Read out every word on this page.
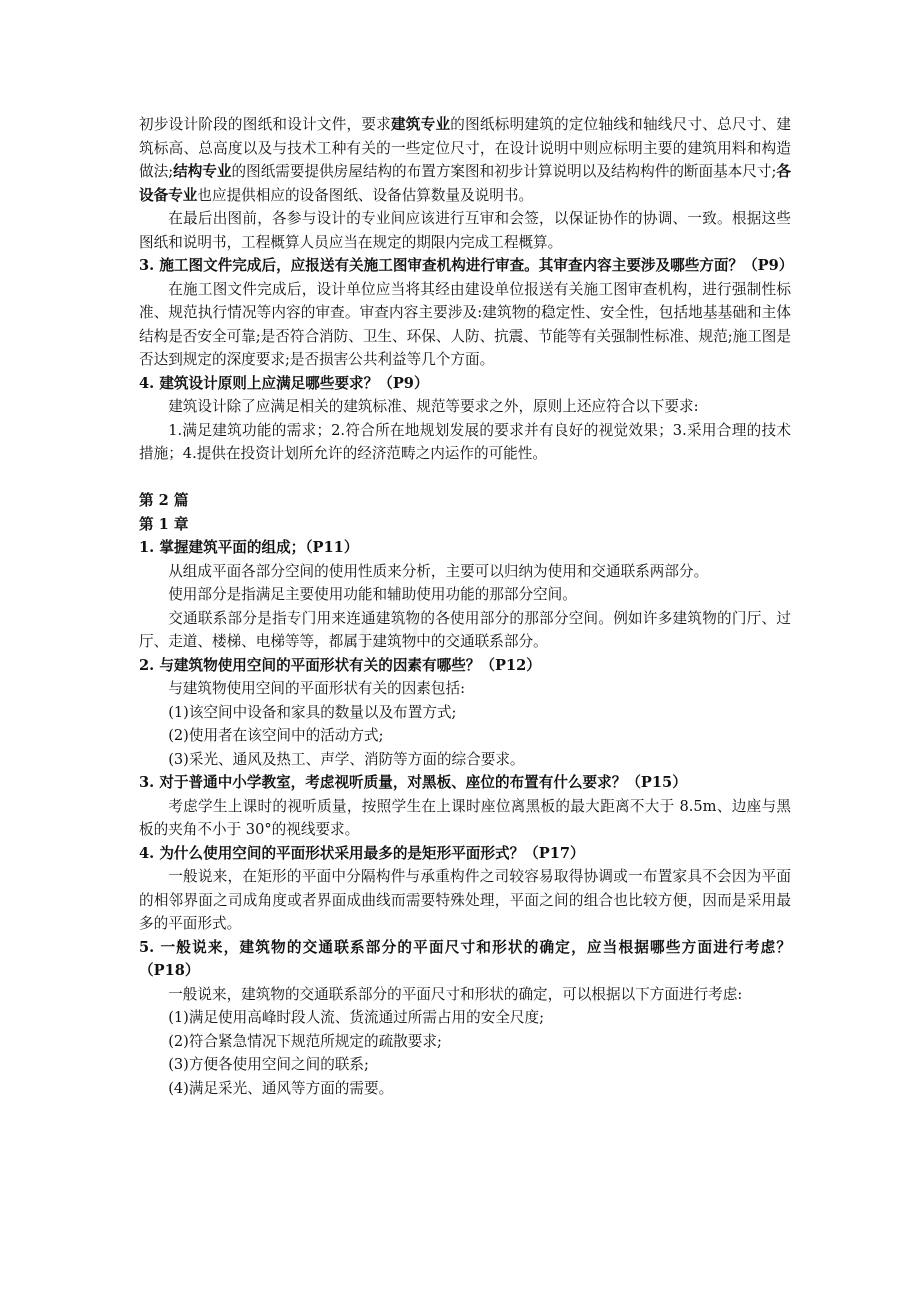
.cn

初步设计阶段的图纸和设计文件，要求建筑专业的图纸标明建筑的定位轴线和轴线尺寸、总尺寸、建筑标高、总高度以及与技术工种有关的一些定位尺寸，在设计说明中则应标明主要的建筑用料和构造做法;结构专业的图纸需要提供房屋结构的布置方案图和初步计算说明以及结构构件的断面基本尺寸;各设备专业也应提供相应的设备图纸、设备估算数量及说明书。

在最后出图前，各参与设计的专业间应该进行互审和会签，以保证协作的协调、一致。根据这些图纸和说明书，工程概算人员应当在规定的期限内完成工程概算。

3. 施工图文件完成后，应报送有关施工图审查机构进行审查。其审查内容主要涉及哪些方面？（P9）

在施工图文件完成后，设计单位应当将其经由建设单位报送有关施工图审查机构，进行强制性标准、规范执行情况等内容的审查。审查内容主要涉及:建筑物的稳定性、安全性，包括地基基础和主体结构是否安全可靠;是否符合消防、卫生、环保、人防、抗震、节能等有关强制性标准、规范;施工图是否达到规定的深度要求;是否损害公共利益等几个方面。

4. 建筑设计原则上应满足哪些要求？（P9）

建筑设计除了应满足相关的建筑标准、规范等要求之外，原则上还应符合以下要求:

1.满足建筑功能的需求；2.符合所在地规划发展的要求并有良好的视觉效果；3.采用合理的技术措施；4.提供在投资计划所允许的经济范畴之内运作的可能性。

第 2 篇

第 1 章

1. 掌握建筑平面的组成；（P11）

从组成平面各部分空间的使用性质来分析，主要可以归纳为使用和交通联系两部分。

使用部分是指满足主要使用功能和辅助使用功能的那部分空间。

交通联系部分是指专门用来连通建筑物的各使用部分的那部分空间。例如许多建筑物的门厅、过厅、走道、楼梯、电梯等等，都属于建筑物中的交通联系部分。

2. 与建筑物使用空间的平面形状有关的因素有哪些？（P12）

与建筑物使用空间的平面形状有关的因素包括:

(1)该空间中设备和家具的数量以及布置方式;

(2)使用者在该空间中的活动方式;

(3)采光、通风及热工、声学、消防等方面的综合要求。

3. 对于普通中小学教室，考虑视听质量，对黑板、座位的布置有什么要求？（P15）

考虑学生上课时的视听质量，按照学生在上课时座位离黑板的最大距离不大于 8.5m、边座与黑板的夹角不小于 30°的视线要求。

4. 为什么使用空间的平面形状采用最多的是矩形平面形式？（P17）

一般说来，在矩形的平面中分隔构件与承重构件之司较容易取得协调或一布置家具不会因为平面的相邻界面之司成角度或者界面成曲线而需要特殊处理，平面之间的组合也比较方便，因而是采用最多的平面形式。

5. 一般说来，建筑物的交通联系部分的平面尺寸和形状的确定，应当根据哪些方面进行考虑？（P18）

一般说来，建筑物的交通联系部分的平面尺寸和形状的确定，可以根据以下方面进行考虑:

(1)满足使用高峰时段人流、货流通过所需占用的安全尺度;

(2)符合紧急情况下规范所规定的疏散要求;

(3)方便各使用空间之间的联系;

(4)满足采光、通风等方面的需要。
